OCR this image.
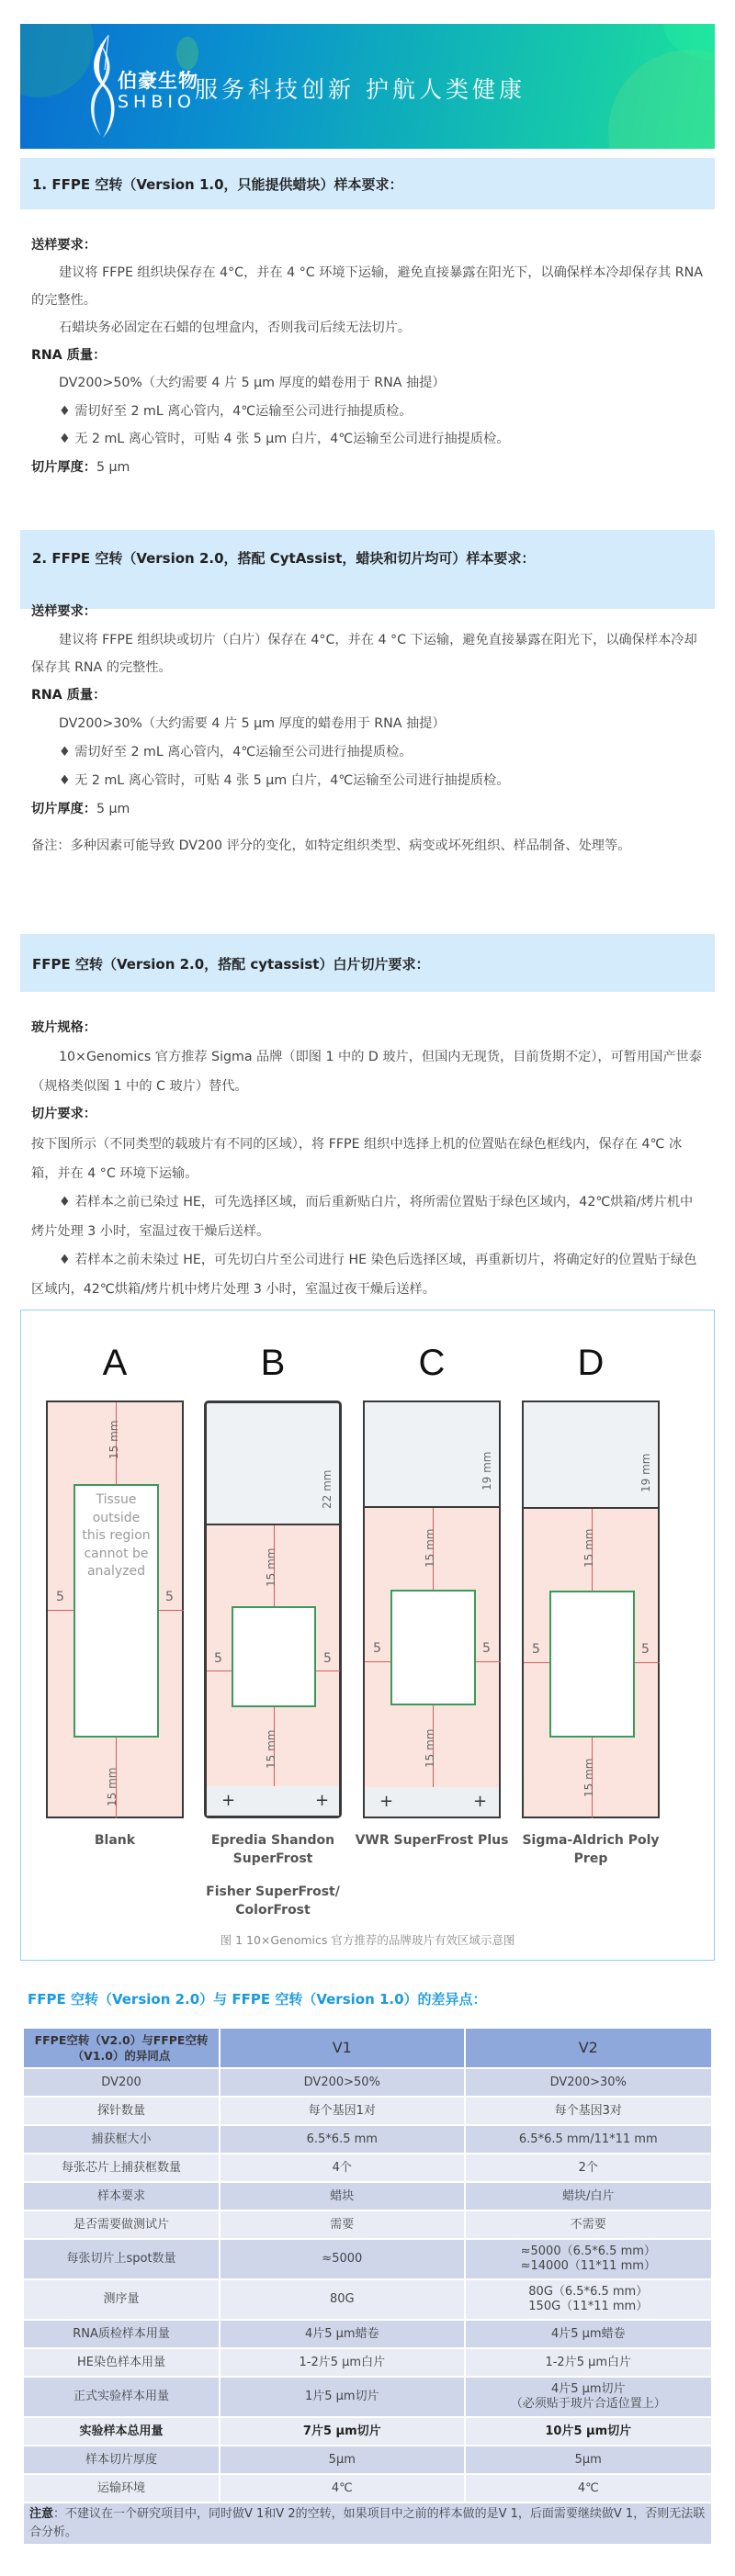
伯豪生物
SHBIO 服务科技创新 护航人类健康
1. FFPE 空转（Version 1.0，只能提供蜡块）样本要求：
送样要求：
建议将 FFPE 组织块保存在 4°C，并在 4 °C 环境下运输，避免直接暴露在阳光下，以确保样本冷却保存其 RNA 的完整性。
石蜡块务必固定在石蜡的包埋盒内，否则我司后续无法切片。
RNA 质量：
DV200>50%（大约需要 4 片 5 μm 厚度的蜡卷用于 RNA 抽提）
♦ 需切好至 2 mL 离心管内，4℃运输至公司进行抽提质检。
♦ 无 2 mL 离心管时，可贴 4 张 5 μm 白片，4℃运输至公司进行抽提质检。
切片厚度：5 μm
2. FFPE 空转（Version 2.0，搭配 CytAssist，蜡块和切片均可）样本要求：
送样要求：
建议将 FFPE 组织块或切片（白片）保存在 4°C，并在 4 °C 下运输，避免直接暴露在阳光下，以确保样本冷却保存其 RNA 的完整性。
RNA 质量：
DV200>30%（大约需要 4 片 5 μm 厚度的蜡卷用于 RNA 抽提）
♦ 需切好至 2 mL 离心管内，4℃运输至公司进行抽提质检。
♦ 无 2 mL 离心管时，可贴 4 张 5 μm 白片，4℃运输至公司进行抽提质检。
切片厚度：5 μm
备注：多种因素可能导致 DV200 评分的变化，如特定组织类型、病变或坏死组织、样品制备、处理等。
FFPE 空转（Version 2.0，搭配 cytassist）白片切片要求：
玻片规格：
10×Genomics 官方推荐 Sigma 品牌（即图 1 中的 D 玻片，但国内无现货，目前货期不定），可暂用国产世泰（规格类似图 1 中的 C 玻片）替代。
切片要求：
按下图所示（不同类型的载玻片有不同的区域），将 FFPE 组织中选择上机的位置贴在绿色框线内，保存在 4℃ 冰箱，并在 4 °C 环境下运输。
♦ 若样本之前已染过 HE，可先选择区域，而后重新贴白片，将所需位置贴于绿色区域内，42℃烘箱/烤片机中烤片处理 3 小时，室温过夜干燥后送样。
♦ 若样本之前未染过 HE，可先切白片至公司进行 HE 染色后选择区域，再重新切片，将确定好的位置贴于绿色区域内，42℃烘箱/烤片机中烤片处理 3 小时，室温过夜干燥后送样。
A
15 mm
Tissue outside this region cannot be analyzed
5	5
15 mm
Blank
B
22 mm
15 mm
5	5
15 mm
+	+
Epredia Shandon SuperFrost
Fisher SuperFrost/ ColorFrost
C
19 mm
15 mm
5	5
15 mm
+	+
VWR SuperFrost Plus
D
19 mm
15 mm
5	5
15 mm
Sigma-Aldrich Poly Prep
图 1 10×Genomics 官方推荐的品牌玻片有效区域示意图
FFPE 空转（Version 2.0）与 FFPE 空转（Version 1.0）的差异点：
FFPE空转（V2.0）与FFPE空转（V1.0）的异同点	V1	V2
DV200	DV200>50%	DV200>30%
探针数量	每个基因1对	每个基因3对
捕获框大小	6.5*6.5 mm	6.5*6.5 mm/11*11 mm
每张芯片上捕获框数量	4个	2个
样本要求	蜡块	蜡块/白片
是否需要做测试片	需要	不需要
每张切片上spot数量	≈5000	≈5000（6.5*6.5 mm）
≈14000（11*11 mm）

测序量	80G	80G（6.5*6.5 mm）
150G（11*11 mm）

RNA质检样本用量	4片5 μm蜡卷	4片5 μm蜡卷
HE染色样本用量	1-2片5 μm白片	1-2片5 μm白片
正式实验样本用量	1片5 μm切片	4片5 μm切片
（必须贴于玻片合适位置上）

实验样本总用量	7片5 μm切片	10片5 μm切片
样本切片厚度	5μm	5μm
运输环境	4℃	4℃
注意：不建议在一个研究项目中，同时做V 1和V 2的空转，如果项目中之前的样本做的是V 1，后面需要继续做V 1，否则无法联合分析。		
